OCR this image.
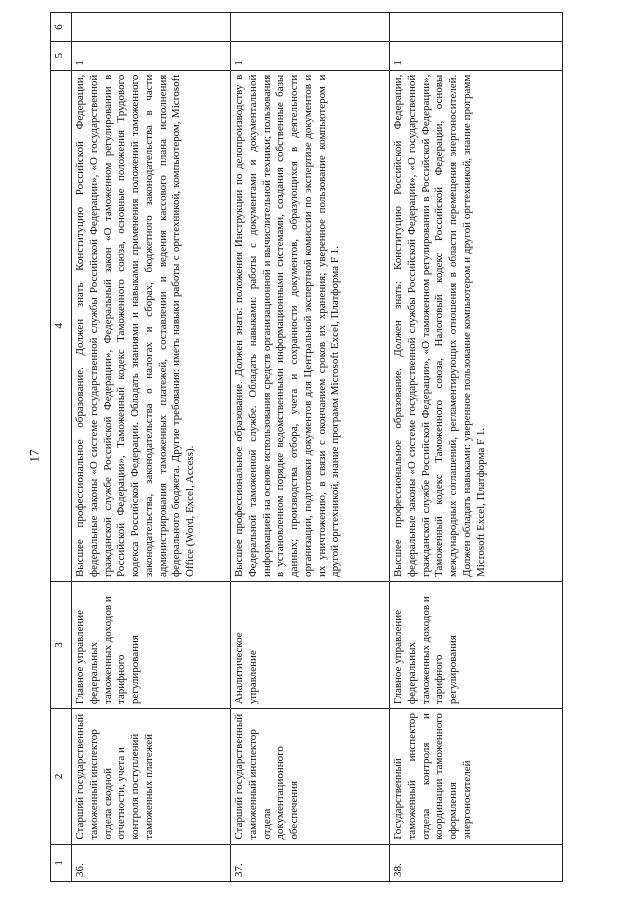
17
1	2	3	4	5	6
36.	Старший государственный таможенный инспектор отдела сводной отчетности, учета и контроля поступлений таможенных платежей	Главное управление федеральных таможенных доходов и тарифного регулирования	Высшее профессиональное образование. Должен знать Конституцию Российской Федерации, федеральные законы «О системе государственной службы Российской Федерации», «О государственной гражданской службе Российской Федерации», Федеральный закон «О таможенном регулировании в Российской Федерации», Таможенный кодекс Таможенного союза, основные положения Трудового кодекса Российской Федерации. Обладать знаниями и навыками применения положений таможенного законодательства, законодательства о налогах и сборах, бюджетного законодательства в части администрирования таможенных платежей, составлении и ведения кассового плана исполнения федерального бюджета. Другие требования: иметь навыки работы с оргтехникой, компьютером, Microsoft Office (Word, Excel, Access).	1	
37.	Старший государственный таможенный инспектор отдела документационного обеспечения	Аналитическое управление	Высшее профессиональное образование. Должен знать: положения Инструкции по делопроизводству в Федеральной таможенной службе. Обладать навыками: работы с документами и документальной информацией на основе использования средств организационной и вычислительной техники; пользования в установленном порядке ведомственными информационными системами, создания собственные базы данных; производства отбора, учета и сохранности документов, образующихся в деятельности организации, подготовки документов для Центральной экспертной комиссии по экспертизе документов и их уничтожению, в связи с окончанием сроков их хранения; уверенное пользование компьютером и другой оргтехникой, знание программ Microsoft Excel, Платформа F 1.	1	
38.	Государственный таможенный инспектор отдела контроля и координации таможенного оформления энергоносителей	Главное управление федеральных таможенных доходов и тарифного регулирования	Высшее профессиональное образование. Должен знать: Конституцию Российской Федерации, федеральные законы «О системе государственной службы Российской Федерации», «О государственной гражданской службе Российской Федерации», «О таможенном регулировании в Российской Федерации», Таможенный кодекс Таможенного союза, Налоговый кодекс Российской Федерации, основы международных соглашений, регламентирующих отношения в области перемещения энергоносителей. Должен обладать навыками: уверенное пользование компьютером и другой оргтехникой, знание программ Microsoft Excel, Платформа F 1.	1	
